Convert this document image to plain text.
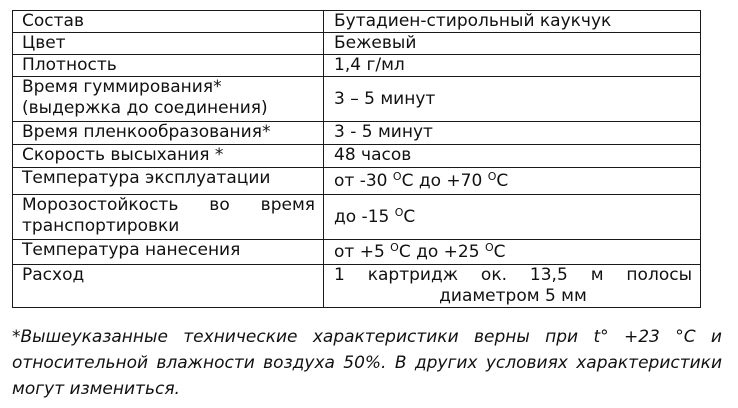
Состав	Бутадиен-стирольный каукчук
Цвет	Бежевый
Плотность	1,4 г/мл

Время гуммирования*
(выдержка до соединения)	3 – 5 минут
Время пленкообразования*	3 - 5 минут
Скорость высыхания *	48 часов
Температура эксплуатации	от -30 $^O$C до +70 $^O$C
Морозостойкость во время транспортировки	до -15 $^O$C
Температура нанесения	от +5 $^O$C до +25 $^O$C
Расход	1 картридж ок. 13,5 м полосы диаметром 5 мм

*Вышеуказанные технические характеристики верны при t° +23 °C и относительной влажности воздуха 50%. В других условиях характеристики могут измениться.
